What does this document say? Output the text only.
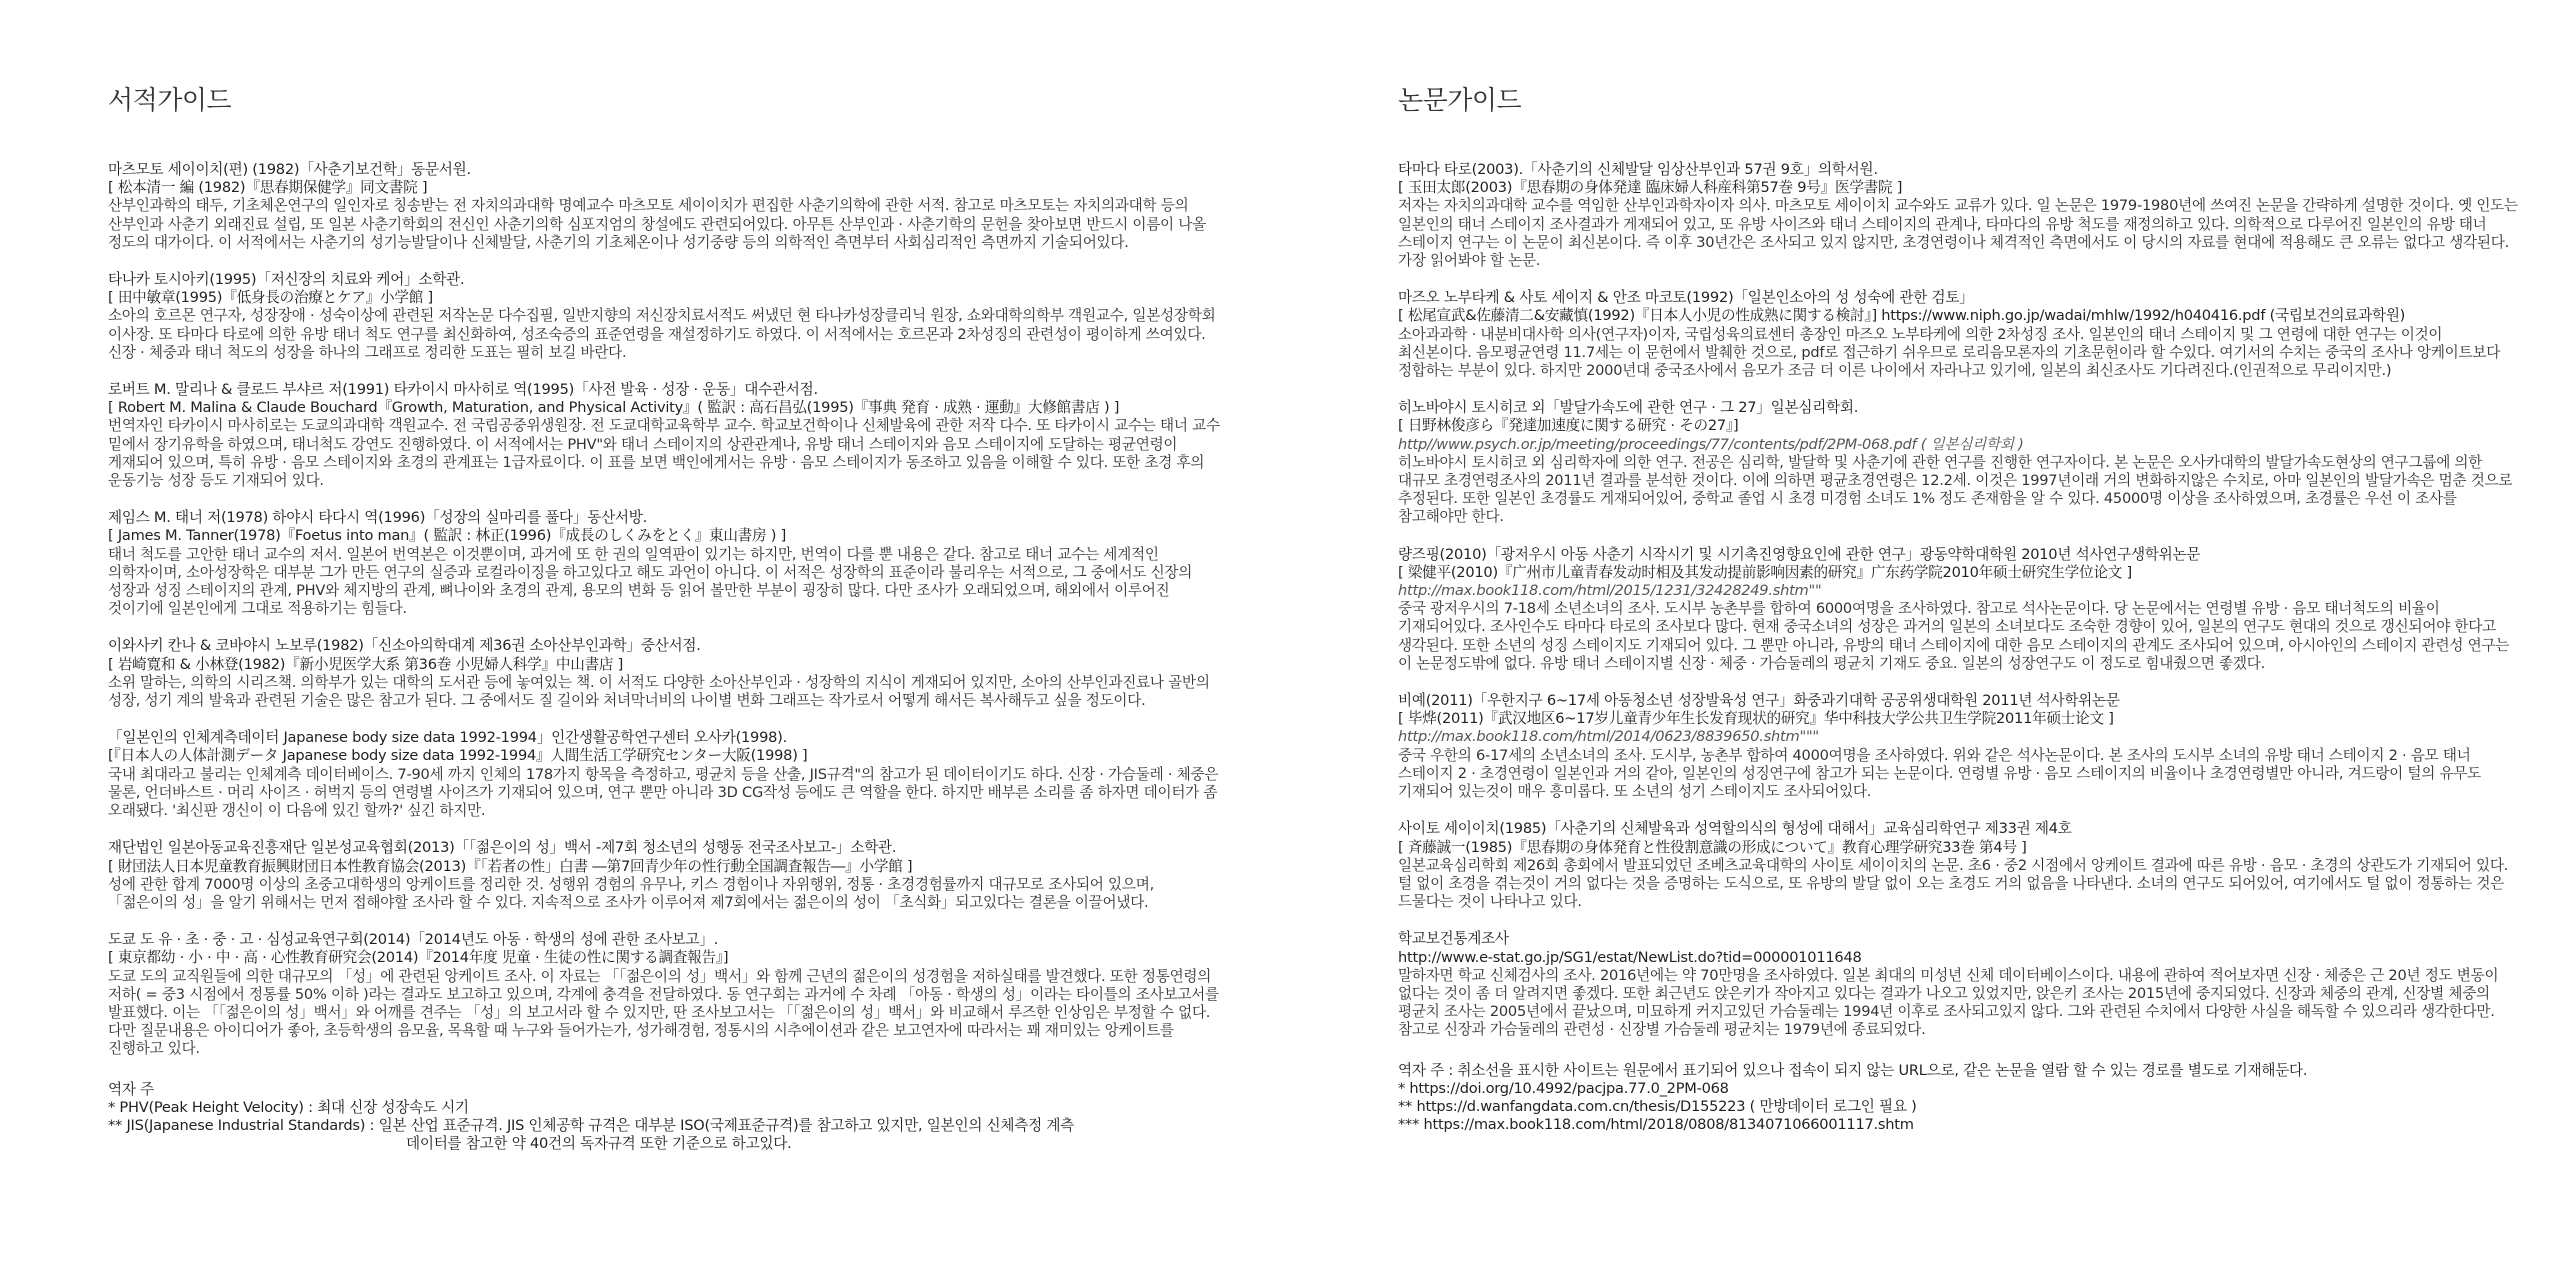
서적가이드

마츠모토 세이이치(편) (1982)「사춘기보건학」동문서원.

[ 松本清一 編 (1982)『思春期保健学』同文書院 ]

산부인과학의 태두, 기초체온연구의 일인자로 칭송받는 전 자치의과대학 명예교수 마츠모토 세이이치가 편집한 사춘기의학에 관한 서적. 참고로 마츠모토는 자치의과대학 등의 산부인과 사춘기 외래진료 설립, 또 일본 사춘기학회의 전신인 사춘기의학 심포지엄의 창설에도 관련되어있다. 아무튼 산부인과 · 사춘기학의 문헌을 찾아보면 반드시 이름이 나올 정도의 대가이다. 이 서적에서는 사춘기의 성기능발달이나 신체발달, 사춘기의 기초체온이나 성기중량 등의 의학적인 측면부터 사회심리적인 측면까지 기술되어있다.

타나카 토시아키(1995)「저신장의 치료와 케어」소학관.

[ 田中敏章(1995)『低身長の治療とケア』小学館 ]

소아의 호르몬 연구자, 성장장애 · 성숙이상에 관련된 저작논문 다수집필, 일반지향의 저신장치료서적도 써냈던 현 타나카성장클리닉 원장, 쇼와대학의학부 객원교수, 일본성장학회 이사장. 또 타마다 타로에 의한 유방 태너 척도 연구를 최신화하여, 성조숙증의 표준연령을 재설정하기도 하였다. 이 서적에서는 호르몬과 2차성징의 관련성이 평이하게 쓰여있다. 신장 · 체중과 태너 척도의 성장을 하나의 그래프로 정리한 도표는 필히 보길 바란다.

로버트 M. 말리나 & 클로드 부샤르 저(1991) 타카이시 마사히로 역(1995)「사전 발육 · 성장 · 운동」대수관서점.

[ Robert M. Malina & Claude Bouchard『Growth, Maturation, and Physical Activity』( 監訳 : 高石昌弘(1995)『事典 発育 · 成熟 · 運動』大修館書店 ) ]

번역자인 타카이시 마사히로는 도쿄의과대학 객원교수. 전 국립공중위생원장. 전 도쿄대학교육학부 교수. 학교보건학이나 신체발육에 관한 저작 다수. 또 타카이시 교수는 태너 교수 밑에서 장기유학을 하였으며, 태너척도 강연도 진행하였다. 이 서적에서는 PHV"와 태너 스테이지의 상관관계나, 유방 태너 스테이지와 음모 스테이지에 도달하는 평균연령이 게재되어 있으며, 특히 유방 · 음모 스테이지와 초경의 관계표는 1급자료이다. 이 표를 보면 백인에게서는 유방 · 음모 스테이지가 동조하고 있음을 이해할 수 있다. 또한 초경 후의 운동기능 성장 등도 기재되어 있다.

제임스 M. 태너 저(1978) 하야시 타다시 역(1996)「성장의 실마리를 풀다」동산서방.

[ James M. Tanner(1978)『Foetus into man』( 監訳 : 林正(1996)『成長のしくみをとく』東山書房 ) ]

태너 척도를 고안한 태너 교수의 저서. 일본어 번역본은 이것뿐이며, 과거에 또 한 권의 일역판이 있기는 하지만, 번역이 다를 뿐 내용은 같다. 참고로 태너 교수는 세계적인 의학자이며, 소아성장학은 대부분 그가 만든 연구의 실증과 로컬라이징을 하고있다고 해도 과언이 아니다. 이 서적은 성장학의 표준이라 불리우는 서적으로, 그 중에서도 신장의 성장과 성징 스테이지의 관계, PHV와 체지방의 관계, 뼈나이와 초경의 관계, 용모의 변화 등 읽어 볼만한 부분이 굉장히 많다. 다만 조사가 오래되었으며, 해외에서 이루어진 것이기에 일본인에게 그대로 적용하기는 힘들다.

이와사키 칸나 & 코바야시 노보루(1982)「신소아의학대계 제36권 소아산부인과학」중산서점.

[ 岩崎寛和 & 小林登(1982)『新小児医学大系 第36巻 小児婦人科学』中山書店 ]

소위 말하는, 의학의 시리즈책. 의학부가 있는 대학의 도서관 등에 놓여있는 책. 이 서적도 다양한 소아산부인과 · 성장학의 지식이 게재되어 있지만, 소아의 산부인과진료나 골반의 성장, 성기 계의 발육과 관련된 기술은 많은 참고가 된다. 그 중에서도 질 길이와 처녀막너비의 나이별 변화 그래프는 작가로서 어떻게 해서든 복사해두고 싶을 정도이다.

「일본인의 인체계측데이터 Japanese body size data 1992-1994」인간생활공학연구센터 오사카(1998).

[『日本人の人体計測データ Japanese body size data 1992-1994』人間生活工学研究センター大阪(1998) ]

국내 최대라고 불리는 인체계측 데이터베이스. 7-90세 까지 인체의 178가지 항목을 측정하고, 평균치 등을 산출, JIS규격"의 참고가 된 데이터이기도 하다. 신장 · 가슴둘레 · 체중은 물론, 언더바스트 · 머리 사이즈 · 허벅지 등의 연령별 사이즈가 기재되어 있으며, 연구 뿐만 아니라 3D CG작성 등에도 큰 역할을 한다. 하지만 배부른 소리를 좀 하자면 데이터가 좀 오래됐다. '최신판 갱신이 이 다음에 있긴 할까?' 싶긴 하지만.

재단법인 일본아동교육진흥재단 일본성교육협회(2013)「「젊은이의 성」백서 -제7회 청소년의 성행동 전국조사보고-」소학관.

[ 財団法人日本児童教育振興財団日本性教育協会(2013)『「若者の性」白書 ―第7回青少年の性行動全国調査報告―』小学館 ]

성에 관한 합계 7000명 이상의 초중고대학생의 앙케이트를 정리한 것. 성행위 경험의 유무나, 키스 경험이나 자위행위, 정통 · 초경경험률까지 대규모로 조사되어 있으며, 「젊은이의 성」을 알기 위해서는 먼저 접해야할 조사라 할 수 있다. 지속적으로 조사가 이루어져 제7회에서는 젊은이의 성이 「초식화」되고있다는 결론을 이끌어냈다.

도쿄 도 유 · 초 · 중 · 고 · 심성교육연구회(2014)「2014년도 아동 · 학생의 성에 관한 조사보고」.

[ 東京都幼 · 小 · 中 · 高 · 心性教育研究会(2014)『2014年度 児童 · 生徒の性に関する調査報告』]

도쿄 도의 교직원들에 의한 대규모의 「성」에 관련된 앙케이트 조사. 이 자료는 「「젊은이의 성」백서」와 함께 근년의 젊은이의 성경험을 저하실태를 발견했다. 또한 정통연령의 저하( = 중3 시점에서 정통률 50% 이하 )라는 결과도 보고하고 있으며, 각계에 충격을 전달하였다. 동 연구회는 과거에 수 차례 「아동 · 학생의 성」이라는 타이틀의 조사보고서를 발표했다. 이는 「「젊은이의 성」백서」와 어깨를 견주는 「성」의 보고서라 할 수 있지만, 딴 조사보고서는 「「젊은이의 성」백서」와 비교해서 루즈한 인상임은 부정할 수 없다. 다만 질문내용은 아이디어가 좋아, 초등학생의 음모율, 목욕할 때 누구와 들어가는가, 성가해경험, 정통시의 시추에이션과 같은 보고연자에 따라서는 꽤 재미있는 앙케이트를 진행하고 있다.

역자 주

* PHV(Peak Height Velocity) : 최대 신장 성장속도 시기

** JIS(Japanese Industrial Standards) : 일본 산업 표준규격. JIS 인체공학 규격은 대부분 ISO(국제표준규격)를 참고하고 있지만, 일본인의 신체측정 계측

데이터를 참고한 약 40건의 독자규격 또한 기준으로 하고있다.

논문가이드

타마다 타로(2003).「사춘기의 신체발달 임상산부인과 57권 9호」의학서원.

[ 玉田太郎(2003)『思春期の身体発達 臨床婦人科産科第57巻 9号』医学書院 ]

저자는 자치의과대학 교수를 역임한 산부인과학자이자 의사. 마츠모토 세이이치 교수와도 교류가 있다. 일 논문은 1979-1980년에 쓰여진 논문을 간략하게 설명한 것이다. 옛 인도는 일본인의 태너 스테이지 조사결과가 게재되어 있고, 또 유방 사이즈와 태너 스테이지의 관계나, 타마다의 유방 척도를 재정의하고 있다. 의학적으로 다루어진 일본인의 유방 태너 스테이지 연구는 이 논문이 최신본이다. 즉 이후 30년간은 조사되고 있지 않지만, 초경연령이나 체격적인 측면에서도 이 당시의 자료를 현대에 적용해도 큰 오류는 없다고 생각된다. 가장 읽어봐야 할 논문.

마즈오 노부타케 & 사토 세이지 & 안조 마코토(1992)「일본인소아의 성 성숙에 관한 검토」

[ 松尾宣武&佐藤清二&安藏慎(1992)『日本人小児の性成熟に関する検討』] https://www.niph.go.jp/wadai/mhlw/1992/h040416.pdf (국립보건의료과학원)

소아과과학 · 내분비대사학 의사(연구자)이자, 국립성육의료센터 총장인 마즈오 노부타케에 의한 2차성징 조사. 일본인의 태너 스테이지 및 그 연령에 대한 연구는 이것이 최신본이다. 음모평균연령 11.7세는 이 문헌에서 발췌한 것으로, pdf로 접근하기 쉬우므로 로리음모론자의 기초문헌이라 할 수있다. 여기서의 수치는 중국의 조사나 앙케이트보다 정합하는 부분이 있다. 하지만 2000년대 중국조사에서 음모가 조금 더 이른 나이에서 자라나고 있기에, 일본의 최신조사도 기다려진다.(인권적으로 무리이지만.)

히노바야시 토시히코 외「발달가속도에 관한 연구 · 그 27」일본심리학회.

[ 日野林俊彦ら『発達加速度に関する研究 · その27』]

http//www.psych.or.jp/meeting/proceedings/77/contents/pdf/2PM-068.pdf ( 일본심리학회 )

히노바야시 토시히코 외 심리학자에 의한 연구. 전공은 심리학, 발달학 및 사춘기에 관한 연구를 진행한 연구자이다. 본 논문은 오사카대학의 발달가속도현상의 연구그룹에 의한 대규모 초경연령조사의 2011년 결과를 분석한 것이다. 이에 의하면 평균초경연령은 12.2세. 이것은 1997년이래 거의 변화하지않은 수치로, 아마 일본인의 발달가속은 멈춘 것으로 추정된다. 또한 일본인 초경률도 게재되어있어, 중학교 졸업 시 초경 미경험 소녀도 1% 정도 존재함을 알 수 있다. 45000명 이상을 조사하였으며, 초경률은 우선 이 조사를 참고해야만 한다.

량즈핑(2010)「광저우시 아동 사춘기 시작시기 및 시기촉진영향요인에 관한 연구」광동약학대학원 2010년 석사연구생학위논문

[ 梁健平(2010)『广州市儿童青春发动时相及其发动提前影响因素的研究』广东药学院2010年硕士研究生学位论文 ]

http://max.book118.com/html/2015/1231/32428249.shtm""

중국 광저우시의 7-18세 소년소녀의 조사. 도시부 농촌부를 합하여 6000여명을 조사하였다. 참고로 석사논문이다. 당 논문에서는 연령별 유방 · 음모 태너척도의 비율이 기재되어있다. 조사인수도 타마다 타로의 조사보다 많다. 현재 중국소녀의 성장은 과거의 일본의 소녀보다도 조숙한 경향이 있어, 일본의 연구도 현대의 것으로 갱신되어야 한다고 생각된다. 또한 소년의 성징 스테이지도 기재되어 있다. 그 뿐만 아니라, 유방의 태너 스테이지에 대한 음모 스테이지의 관계도 조사되어 있으며, 아시아인의 스테이지 관련성 연구는 이 논문정도밖에 없다. 유방 태너 스테이지별 신장 · 체중 · 가슴둘레의 평균치 기재도 중요. 일본의 성장연구도 이 정도로 힘내줬으면 좋겠다.

비예(2011)「우한지구 6~17세 아동청소년 성장발육성 연구」화중과기대학 공공위생대학원 2011년 석사학위논문

[ 毕烨(2011)『武汉地区6~17岁儿童青少年生长发育现状的研究』华中科技大学公共卫生学院2011年硕士论文 ]

http://max.book118.com/html/2014/0623/8839650.shtm"""

중국 우한의 6-17세의 소년소녀의 조사. 도시부, 농촌부 합하여 4000여명을 조사하였다. 위와 같은 석사논문이다. 본 조사의 도시부 소녀의 유방 태너 스테이지 2 · 음모 태너 스테이지 2 · 초경연령이 일본인과 거의 같아, 일본인의 성징연구에 참고가 되는 논문이다. 연령별 유방 · 음모 스테이지의 비율이나 초경연령별만 아니라, 겨드랑이 털의 유무도 기재되어 있는것이 매우 흥미롭다. 또 소년의 성기 스테이지도 조사되어있다.

사이토 세이이치(1985)「사춘기의 신체발육과 성역할의식의 형성에 대해서」교육심리학연구 제33권 제4호

[ 斉藤誠一(1985)『思春期の身体発育と性役割意識の形成について』教育心理学研究33巻 第4号 ]

일본교육심리학회 제26회 총회에서 발표되었던 조베츠교육대학의 사이토 세이이치의 논문. 초6 · 중2 시점에서 앙케이트 결과에 따른 유방 · 음모 · 초경의 상관도가 기재되어 있다. 털 없이 초경을 겪는것이 거의 없다는 것을 증명하는 도식으로, 또 유방의 발달 없이 오는 초경도 거의 없음을 나타낸다. 소녀의 연구도 되어있어, 여기에서도 털 없이 정통하는 것은 드물다는 것이 나타나고 있다.

학교보건통계조사

http://www.e-stat.go.jp/SG1/estat/NewList.do?tid=000001011648

말하자면 학교 신체검사의 조사. 2016년에는 약 70만명을 조사하였다. 일본 최대의 미성년 신체 데이터베이스이다. 내용에 관하여 적어보자면 신장 · 체중은 근 20년 정도 변동이 없다는 것이 좀 더 알려지면 좋겠다. 또한 최근년도 앉은키가 작아지고 있다는 결과가 나오고 있었지만, 앉은키 조사는 2015년에 중지되었다. 신장과 체중의 관계, 신장별 체중의 평균치 조사는 2005년에서 끝났으며, 미묘하게 커지고있던 가슴둘레는 1994년 이후로 조사되고있지 않다. 그와 관련된 수치에서 다양한 사실을 해독할 수 있으리라 생각한다만. 참고로 신장과 가슴둘레의 관련성 · 신장별 가슴둘레 평균치는 1979년에 종료되었다.

역자 주 : 취소선을 표시한 사이트는 원문에서 표기되어 있으나 접속이 되지 않는 URL으로, 같은 논문을 열람 할 수 있는 경로를 별도로 기재해둔다.

* https://doi.org/10.4992/pacjpa.77.0_2PM-068

** https://d.wanfangdata.com.cn/thesis/D155223 ( 만방데이터 로그인 필요 )

*** https://max.book118.com/html/2018/0808/8134071066001117.shtm
